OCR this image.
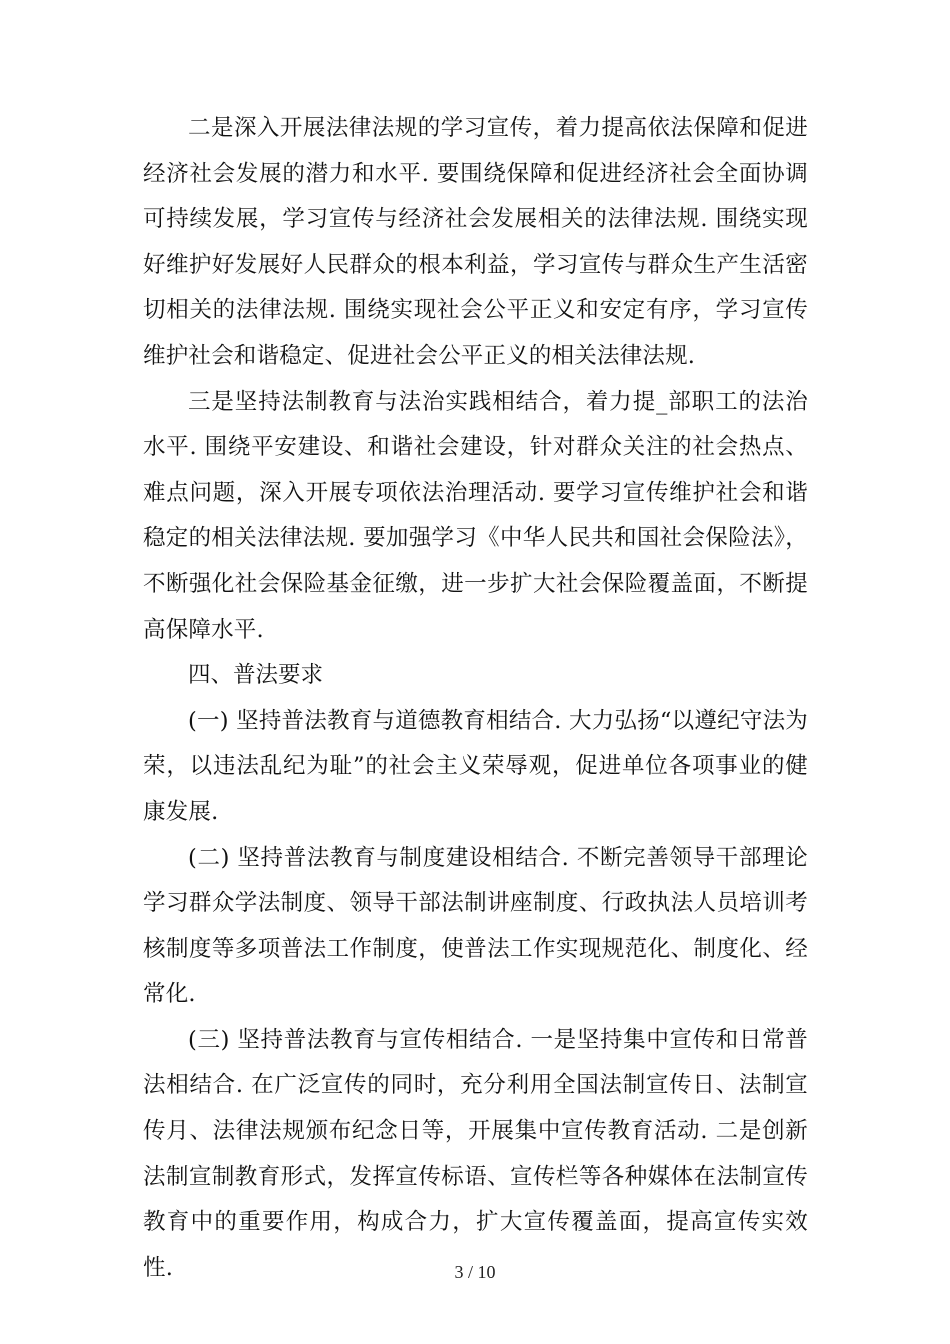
二是深入开展法律法规的学习宣传，着力提高依法保障和促进经济社会发展的潜力和水平. 要围绕保障和促进经济社会全面协调可持续发展，学习宣传与经济社会发展相关的法律法规. 围绕实现好维护好发展好人民群众的根本利益，学习宣传与群众生产生活密切相关的法律法规. 围绕实现社会公平正义和安定有序，学习宣传维护社会和谐稳定、促进社会公平正义的相关法律法规.

三是坚持法制教育与法治实践相结合，着力提_部职工的法治水平. 围绕平安建设、和谐社会建设，针对群众关注的社会热点、难点问题，深入开展专项依法治理活动. 要学习宣传维护社会和谐稳定的相关法律法规. 要加强学习《中华人民共和国社会保险法》，不断强化社会保险基金征缴，进一步扩大社会保险覆盖面，不断提高保障水平.

四、普法要求

(一) 坚持普法教育与道德教育相结合. 大力弘扬“以遵纪守法为荣，以违法乱纪为耻”的社会主义荣辱观，促进单位各项事业的健康发展.

(二) 坚持普法教育与制度建设相结合. 不断完善领导干部理论学习群众学法制度、领导干部法制讲座制度、行政执法人员培训考核制度等多项普法工作制度，使普法工作实现规范化、制度化、经常化.

(三) 坚持普法教育与宣传相结合. 一是坚持集中宣传和日常普法相结合. 在广泛宣传的同时，充分利用全国法制宣传日、法制宣传月、法律法规颁布纪念日等，开展集中宣传教育活动. 二是创新法制宣制教育形式，发挥宣传标语、宣传栏等各种媒体在法制宣传教育中的重要作用，构成合力，扩大宣传覆盖面，提高宣传实效性.	3 / 10
